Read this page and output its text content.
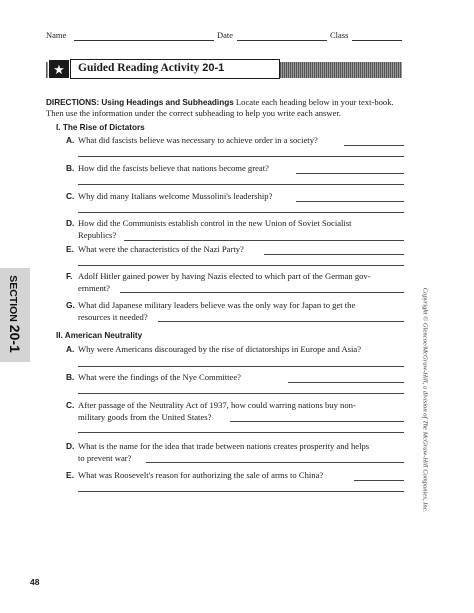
Name	Date	Class
★	Guided Reading Activity 20-1
DIRECTIONS: Using Headings and Subheadings Locate each heading below in your text-book. Then use the information under the correct subheading to help you write each answer.
I. The Rise of Dictators
A. What did fascists believe was necessary to achieve order in a society?
B. How did the fascists believe that nations become great?
C. Why did many Italians welcome Mussolini's leadership?
D. How did the Communists establish control in the new Union of Soviet Socialist
Republics?
E. What were the characteristics of the Nazi Party?
F. Adolf Hitler gained power by having Nazis elected to which part of the German gov-
ernment?
G. What did Japanese military leaders believe was the only way for Japan to get the
resources it needed?
II. American Neutrality
A. Why were Americans discouraged by the rise of dictatorships in Europe and Asia?
B. What were the findings of the Nye Committee?
C. After passage of the Neutrality Act of 1937, how could warring nations buy non-
military goods from the United States?
D. What is the name for the idea that trade between nations creates prosperity and helps
to prevent war?
E. What was Roosevelt's reason for authorizing the sale of arms to China?
SECTION 20-1	Copyright © Glencoe/McGraw-Hill, a division of The McGraw-Hill Companies, Inc.
48
